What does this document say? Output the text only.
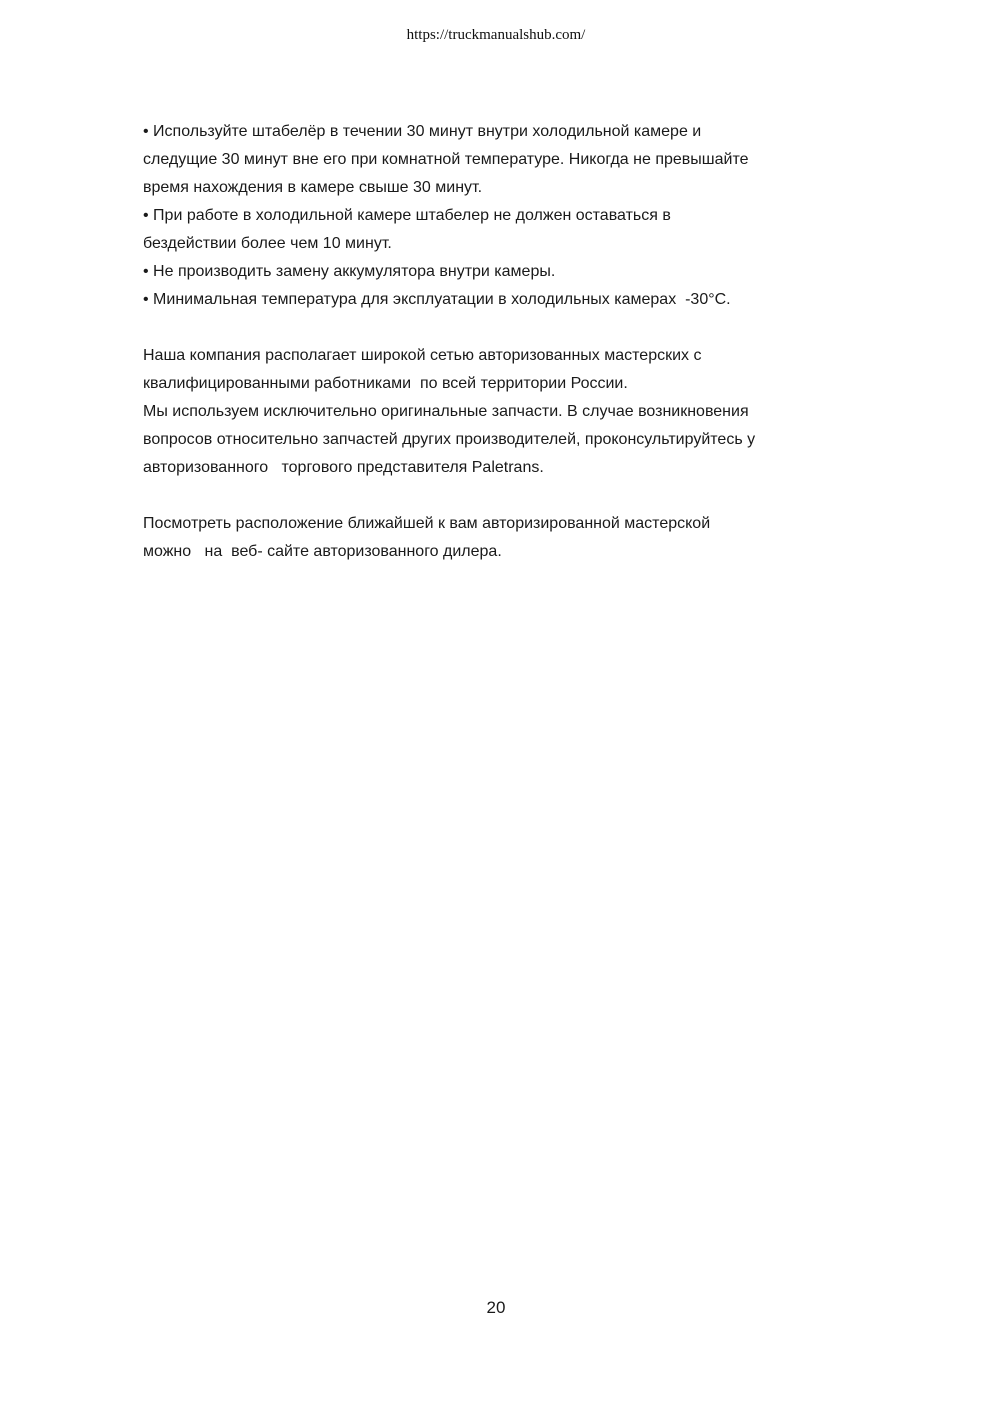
https://truckmanualshub.com/
• Используйте штабелёр в течении 30 минут внутри холодильной камере и
следущие 30 минут вне его при комнатной температуре. Никогда не превышайте
время нахождения в камере свыше 30 минут.
• При работе в холодильной камере штабелер не должен оставаться в
бездействии более чем 10 минут.
• Не производить замену аккумулятора внутри камеры.
• Минимальная температура для эксплуатации в холодильных камерах  -30°C.
Наша компания располагает широкой сетью авторизованных мастерских с
квалифицированными работниками  по всей территории России.
Мы используем исключительно оригинальные запчасти. В случае возникновения
вопросов относительно запчастей других производителей, проконсультируйтесь у
авторизованного   торгового представителя Paletrans.
Посмотреть расположение ближайшей к вам авторизированной мастерской
можно   на  веб- сайте авторизованного дилера.
20
